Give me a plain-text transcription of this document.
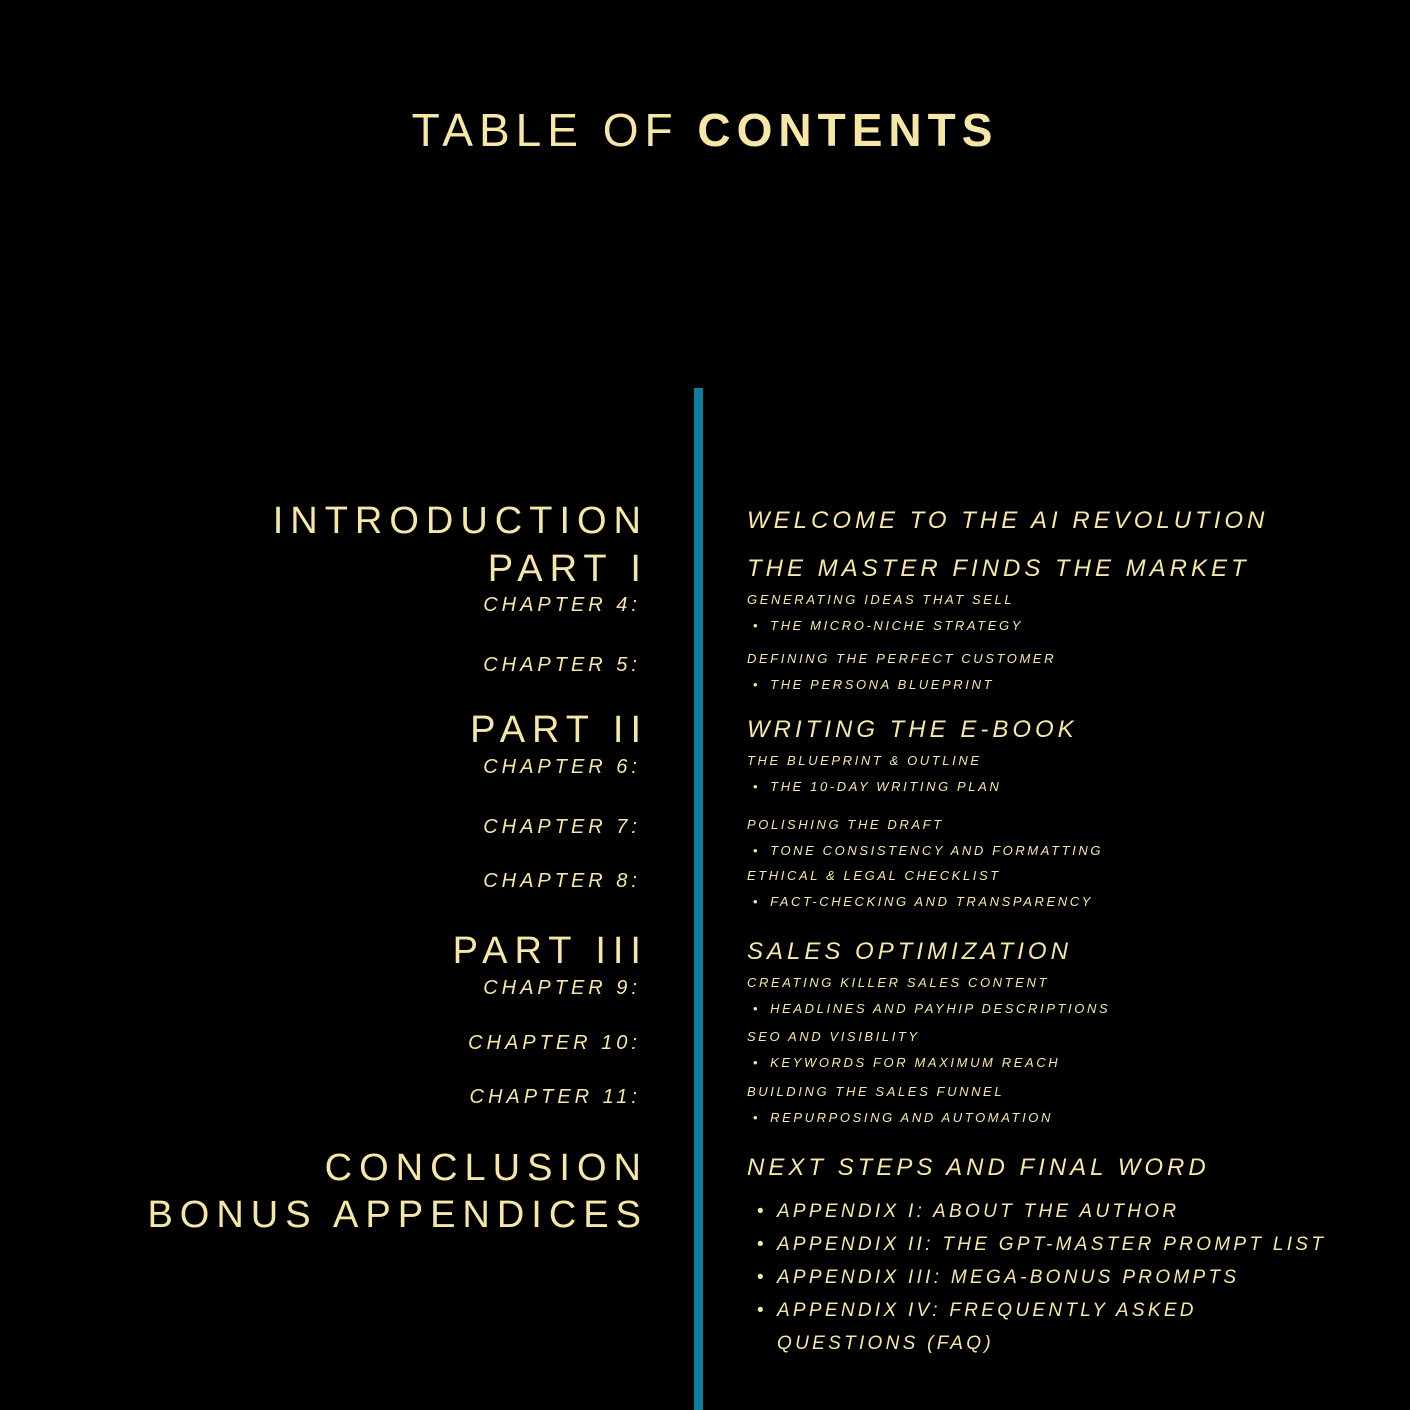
TABLE OF CONTENTS
INTRODUCTION
PART I
CHAPTER 4:
CHAPTER 5:
PART II
CHAPTER 6:
CHAPTER 7:
CHAPTER 8:
PART III
CHAPTER 9:
CHAPTER 10:
CHAPTER 11:
CONCLUSION
BONUS APPENDICES
WELCOME TO THE AI REVOLUTION
THE MASTER FINDS THE MARKET
GENERATING IDEAS THAT SELL
• THE MICRO-NICHE STRATEGY
DEFINING THE PERFECT CUSTOMER
• THE PERSONA BLUEPRINT
WRITING THE E-BOOK
THE BLUEPRINT & OUTLINE
• THE 10-DAY WRITING PLAN
POLISHING THE DRAFT
• TONE CONSISTENCY AND FORMATTING
ETHICAL & LEGAL CHECKLIST
• FACT-CHECKING AND TRANSPARENCY
SALES OPTIMIZATION
CREATING KILLER SALES CONTENT
• HEADLINES AND PAYHIP DESCRIPTIONS
SEO AND VISIBILITY
• KEYWORDS FOR MAXIMUM REACH
BUILDING THE SALES FUNNEL
• REPURPOSING AND AUTOMATION
NEXT STEPS AND FINAL WORD
• APPENDIX I: ABOUT THE AUTHOR
• APPENDIX II: THE GPT-MASTER PROMPT LIST
• APPENDIX III: MEGA-BONUS PROMPTS
• APPENDIX IV: FREQUENTLY ASKED
QUESTIONS (FAQ)
